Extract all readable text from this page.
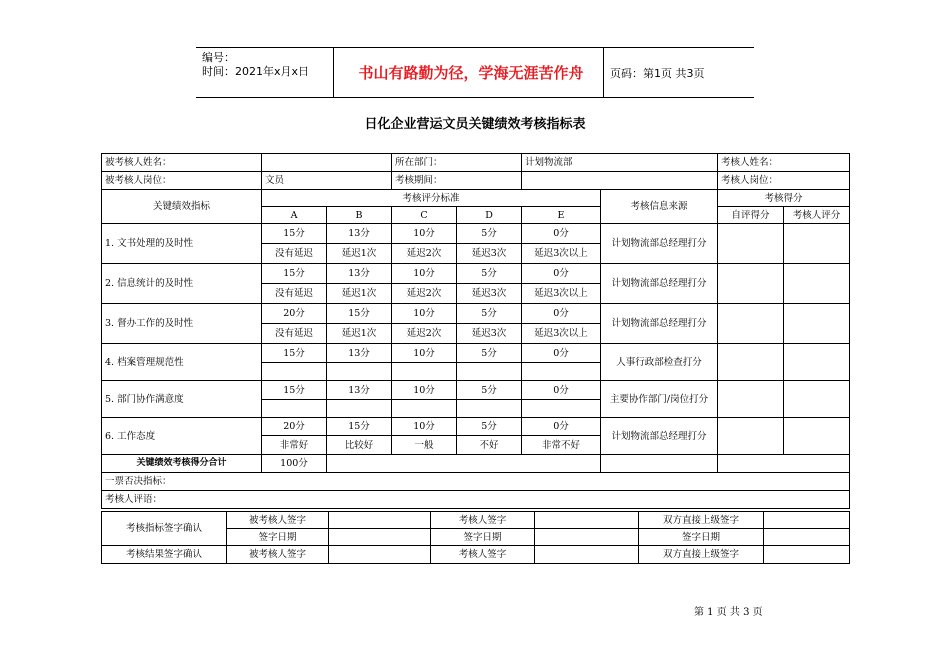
编号：
时间：2021年x月x日	书山有路勤为径，学海无涯苦作舟	页码：第1页 共3页
日化企业营运文员关键绩效考核指标表
被考核人姓名：			所在部门：		计划物流部		考核人姓名：	
被考核人岗位：	文员		考核期间：				考核人岗位：	
关键绩效指标	考核评分标准					考核信息来源	考核得分	
	A	B	C	D	E		自评得分	考核人评分
1. 文书处理的及时性	15分	13分	10分	5分	0分	计划物流部总经理打分		
	没有延迟	延迟1次	延迟2次	延迟3次	延迟3次以上			
2. 信息统计的及时性	15分	13分	10分	5分	0分	计划物流部总经理打分		
	没有延迟	延迟1次	延迟2次	延迟3次	延迟3次以上			
3. 督办工作的及时性	20分	15分	10分	5分	0分	计划物流部总经理打分		
	没有延迟	延迟1次	延迟2次	延迟3次	延迟3次以上			
4. 档案管理规范性	15分	13分	10分	5分	0分	人事行政部检查打分		

5. 部门协作满意度	15分	13分	10分	5分	0分	主要协作部门/岗位打分		

6. 工作态度	20分	15分	10分	5分	0分	计划物流部总经理打分		
	非常好	比较好	一般	不好	非常不好			
关键绩效考核得分合计	100分							
一票否决指标：								
考核人评语：								
考核指标签字确认	被考核人签字		考核人签字		双方直接上级签字	
	签字日期		签字日期		签字日期	
考核结果签字确认	被考核人签字		考核人签字		双方直接上级签字	
第 1 页 共 3 页
